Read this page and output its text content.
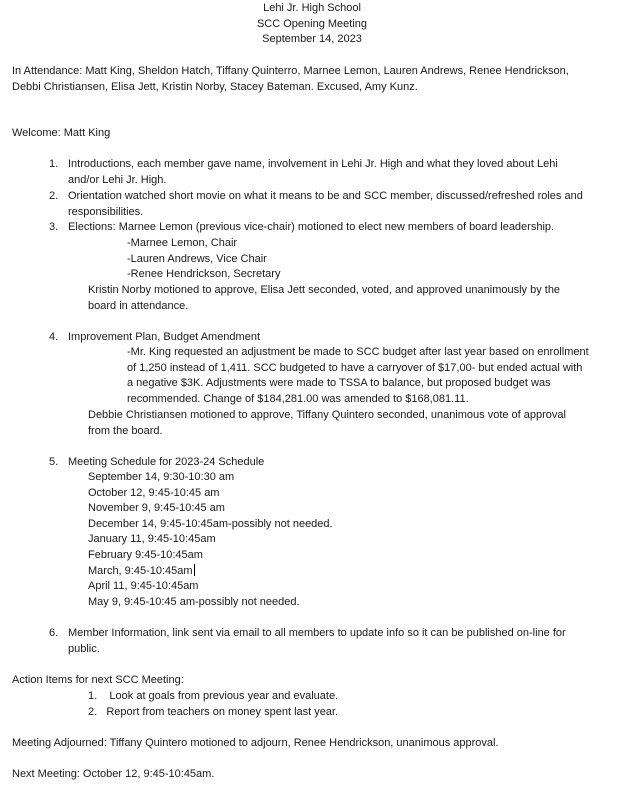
Lehi Jr. High School
SCC Opening Meeting
September 14, 2023
In Attendance: Matt King, Sheldon Hatch, Tiffany Quinterro, Marnee Lemon, Lauren Andrews, Renee Hendrickson,
Debbi Christiansen, Elisa Jett, Kristin Norby, Stacey Bateman. Excused, Amy Kunz.
Welcome: Matt King
1. Introductions, each member gave name, involvement in Lehi Jr. High and what they loved about Lehi
and/or Lehi Jr. High.
2. Orientation watched short movie on what it means to be and SCC member, discussed/refreshed roles and
responsibilities.
3. Elections: Marnee Lemon (previous vice-chair) motioned to elect new members of board leadership.
-Marnee Lemon, Chair
-Lauren Andrews, Vice Chair
-Renee Hendrickson, Secretary
Kristin Norby motioned to approve, Elisa Jett seconded, voted, and approved unanimously by the
board in attendance.
4. Improvement Plan, Budget Amendment
-Mr. King requested an adjustment be made to SCC budget after last year based on enrollment
of 1,250 instead of 1,411. SCC budgeted to have a carryover of $17,00- but ended actual with
a negative $3K. Adjustments were made to TSSA to balance, but proposed budget was
recommended. Change of $184,281.00 was amended to $168,081.11.
Debbie Christiansen motioned to approve, Tiffany Quintero seconded, unanimous vote of approval
from the board.
5. Meeting Schedule for 2023-24 Schedule
September 14, 9:30-10:30 am
October 12, 9:45-10:45 am
November 9, 9:45-10:45 am
December 14, 9:45-10:45am-possibly not needed.
January 11, 9:45-10:45am
February 9:45-10:45am
March, 9:45-10:45am
April 11, 9:45-10:45am
May 9, 9:45-10:45 am-possibly not needed.
6. Member Information, link sent via email to all members to update info so it can be published on-line for
public.
Action Items for next SCC Meeting:
1. Look at goals from previous year and evaluate.
2. Report from teachers on money spent last year.
Meeting Adjourned: Tiffany Quintero motioned to adjourn, Renee Hendrickson, unanimous approval.
Next Meeting: October 12, 9:45-10:45am.
